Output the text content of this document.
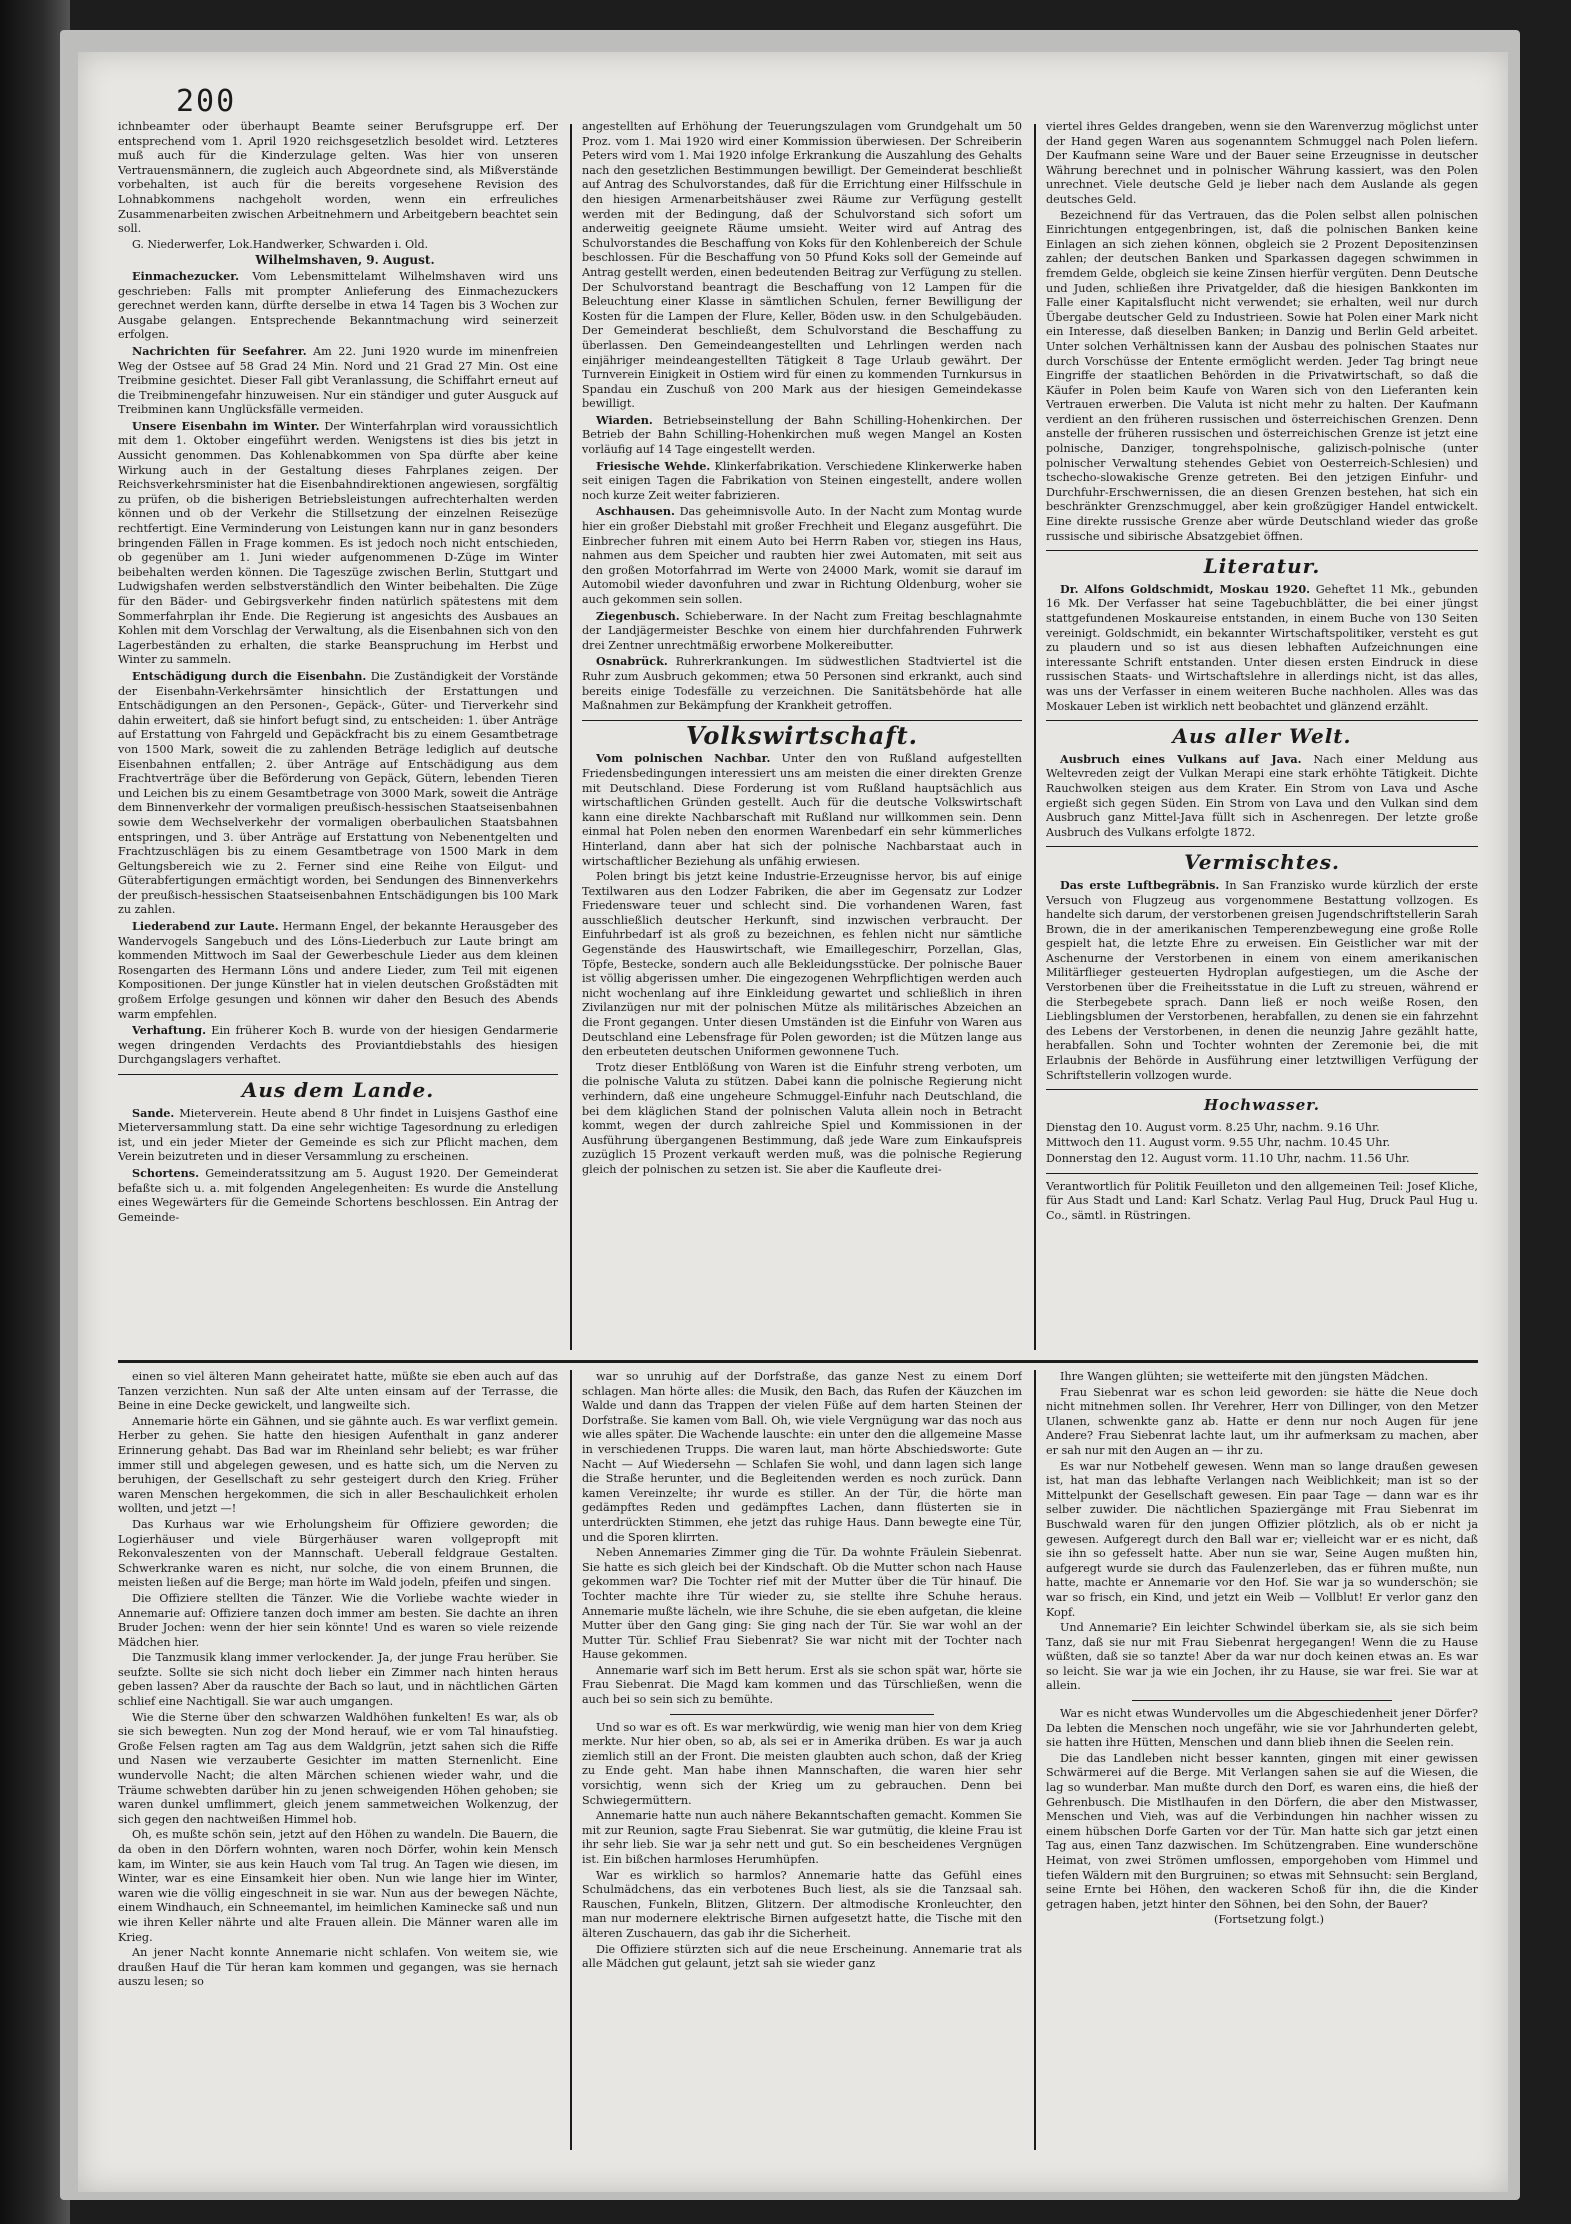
200

ichnbeamter oder überhaupt Beamte seiner Berufsgruppe erf. Der entsprechend vom 1. April 1920 reichsgesetzlich besoldet wird. Letzteres muß auch für die Kinderzulage gelten. Was hier von unseren Vertrauensmännern, die zugleich auch Abgeordnete sind, als Mißverstände vorbehalten, ist auch für die bereits vorgesehene Revision des Lohnabkommens nachgeholt worden, wenn ein erfreuliches Zusammenarbeiten zwischen Arbeitnehmern und Arbeitgebern beachtet sein soll.

G. Niederwerfer, Lok.Handwerker, Schwarden i. Old.

Wilhelmshaven, 9. August.

Einmachezucker. Vom Lebensmittelamt Wilhelmshaven wird uns geschrieben: Falls mit prompter Anlieferung des Einmachezuckers gerechnet werden kann, dürfte derselbe in etwa 14 Tagen bis 3 Wochen zur Ausgabe gelangen. Entsprechende Bekanntmachung wird seinerzeit erfolgen.

Nachrichten für Seefahrer. Am 22. Juni 1920 wurde im minenfreien Weg der Ostsee auf 58 Grad 24 Min. Nord und 21 Grad 27 Min. Ost eine Treibmine gesichtet. Dieser Fall gibt Veranlassung, die Schiffahrt erneut auf die Treibminengefahr hinzuweisen. Nur ein ständiger und guter Ausguck auf Treibminen kann Unglücksfälle vermeiden.

Unsere Eisenbahn im Winter. Der Winterfahrplan wird voraussichtlich mit dem 1. Oktober eingeführt werden. Wenigstens ist dies bis jetzt in Aussicht genommen. Das Kohlenabkommen von Spa dürfte aber keine Wirkung auch in der Gestaltung dieses Fahrplanes zeigen. Der Reichsverkehrsminister hat die Eisenbahndirektionen angewiesen, sorgfältig zu prüfen, ob die bisherigen Betriebsleistungen aufrechterhalten werden können und ob der Verkehr die Stillsetzung der einzelnen Reisezüge rechtfertigt. Eine Verminderung von Leistungen kann nur in ganz besonders bringenden Fällen in Frage kommen. Es ist jedoch noch nicht entschieden, ob gegenüber am 1. Juni wieder aufgenommenen D-Züge im Winter beibehalten werden können. Die Tageszüge zwischen Berlin, Stuttgart und Ludwigshafen werden selbstverständlich den Winter beibehalten. Die Züge für den Bäder- und Gebirgsverkehr finden natürlich spätestens mit dem Sommerfahrplan ihr Ende. Die Regierung ist angesichts des Ausbaues an Kohlen mit dem Vorschlag der Verwaltung, als die Eisenbahnen sich von den Lagerbeständen zu erhalten, die starke Beanspruchung im Herbst und Winter zu sammeln.

Entschädigung durch die Eisenbahn. Die Zuständigkeit der Vorstände der Eisenbahn-Verkehrsämter hinsichtlich der Erstattungen und Entschädigungen an den Personen-, Gepäck-, Güter- und Tierverkehr sind dahin erweitert, daß sie hinfort befugt sind, zu entscheiden: 1. über Anträge auf Erstattung von Fahrgeld und Gepäckfracht bis zu einem Gesamtbetrage von 1500 Mark, soweit die zu zahlenden Beträge lediglich auf deutsche Eisenbahnen entfallen; 2. über Anträge auf Entschädigung aus dem Frachtverträge über die Beförderung von Gepäck, Gütern, lebenden Tieren und Leichen bis zu einem Gesamtbetrage von 3000 Mark, soweit die Anträge dem Binnenverkehr der vormaligen preußisch-hessischen Staatseisenbahnen sowie dem Wechselverkehr der vormaligen oberbaulichen Staatsbahnen entspringen, und 3. über Anträge auf Erstattung von Nebenentgelten und Frachtzuschlägen bis zu einem Gesamtbetrage von 1500 Mark in dem Geltungsbereich wie zu 2. Ferner sind eine Reihe von Eilgut- und Güterabfertigungen ermächtigt worden, bei Sendungen des Binnenverkehrs der preußisch-hessischen Staatseisenbahnen Entschädigungen bis 100 Mark zu zahlen.

Liederabend zur Laute. Hermann Engel, der bekannte Herausgeber des Wandervogels Sangebuch und des Löns-Liederbuch zur Laute bringt am kommenden Mittwoch im Saal der Gewerbeschule Lieder aus dem kleinen Rosengarten des Hermann Löns und andere Lieder, zum Teil mit eigenen Kompositionen. Der junge Künstler hat in vielen deutschen Großstädten mit großem Erfolge gesungen und können wir daher den Besuch des Abends warm empfehlen.

Verhaftung. Ein früherer Koch B. wurde von der hiesigen Gendarmerie wegen dringenden Verdachts des Proviantdiebstahls des hiesigen Durchgangslagers verhaftet.

Aus dem Lande.

Sande. Mieterverein. Heute abend 8 Uhr findet in Luisjens Gasthof eine Mieterversammlung statt. Da eine sehr wichtige Tagesordnung zu erledigen ist, und ein jeder Mieter der Gemeinde es sich zur Pflicht machen, dem Verein beizutreten und in dieser Versammlung zu erscheinen.

Schortens. Gemeinderatssitzung am 5. August 1920. Der Gemeinderat befaßte sich u. a. mit folgenden Angelegenheiten: Es wurde die Anstellung eines Wegewärters für die Gemeinde Schortens beschlossen. Ein Antrag der Gemeinde-

angestellten auf Erhöhung der Teuerungszulagen vom Grundgehalt um 50 Proz. vom 1. Mai 1920 wird einer Kommission überwiesen. Der Schreiberin Peters wird vom 1. Mai 1920 infolge Erkrankung die Auszahlung des Gehalts nach den gesetzlichen Bestimmungen bewilligt. Der Gemeinderat beschließt auf Antrag des Schulvorstandes, daß für die Errichtung einer Hilfsschule in den hiesigen Armenarbeitshäuser zwei Räume zur Verfügung gestellt werden mit der Bedingung, daß der Schulvorstand sich sofort um anderweitig geeignete Räume umsieht. Weiter wird auf Antrag des Schulvorstandes die Beschaffung von Koks für den Kohlenbereich der Schule beschlossen. Für die Beschaffung von 50 Pfund Koks soll der Gemeinde auf Antrag gestellt werden, einen bedeutenden Beitrag zur Verfügung zu stellen. Der Schulvorstand beantragt die Beschaffung von 12 Lampen für die Beleuchtung einer Klasse in sämtlichen Schulen, ferner Bewilligung der Kosten für die Lampen der Flure, Keller, Böden usw. in den Schulgebäuden. Der Gemeinderat beschließt, dem Schulvorstand die Beschaffung zu überlassen. Den Gemeindeangestellten und Lehrlingen werden nach einjähriger meindeangestellten Tätigkeit 8 Tage Urlaub gewährt. Der Turnverein Einigkeit in Ostiem wird für einen zu kommenden Turnkursus in Spandau ein Zuschuß von 200 Mark aus der hiesigen Gemeindekasse bewilligt.

Wiarden. Betriebseinstellung der Bahn Schilling-Hohenkirchen. Der Betrieb der Bahn Schilling-Hohenkirchen muß wegen Mangel an Kosten vorläufig auf 14 Tage eingestellt werden.

Friesische Wehde. Klinkerfabrikation. Verschiedene Klinkerwerke haben seit einigen Tagen die Fabrikation von Steinen eingestellt, andere wollen noch kurze Zeit weiter fabrizieren.

Aschhausen. Das geheimnisvolle Auto. In der Nacht zum Montag wurde hier ein großer Diebstahl mit großer Frechheit und Eleganz ausgeführt. Die Einbrecher fuhren mit einem Auto bei Herrn Raben vor, stiegen ins Haus, nahmen aus dem Speicher und raubten hier zwei Automaten, mit seit aus den großen Motorfahrrad im Werte von 24000 Mark, womit sie darauf im Automobil wieder davonfuhren und zwar in Richtung Oldenburg, woher sie auch gekommen sein sollen.

Ziegenbusch. Schieberware. In der Nacht zum Freitag beschlagnahmte der Landjägermeister Beschke von einem hier durchfahrenden Fuhrwerk drei Zentner unrechtmäßig erworbene Molkereibutter.

Osnabrück. Ruhrerkrankungen. Im südwestlichen Stadtviertel ist die Ruhr zum Ausbruch gekommen; etwa 50 Personen sind erkrankt, auch sind bereits einige Todesfälle zu verzeichnen. Die Sanitätsbehörde hat alle Maßnahmen zur Bekämpfung der Krankheit getroffen.

Volkswirtschaft.

Vom polnischen Nachbar. Unter den von Rußland aufgestellten Friedensbedingungen interessiert uns am meisten die einer direkten Grenze mit Deutschland. Diese Forderung ist vom Rußland hauptsächlich aus wirtschaftlichen Gründen gestellt. Auch für die deutsche Volkswirtschaft kann eine direkte Nachbarschaft mit Rußland nur willkommen sein. Denn einmal hat Polen neben den enormen Warenbedarf ein sehr kümmerliches Hinterland, dann aber hat sich der polnische Nachbarstaat auch in wirtschaftlicher Beziehung als unfähig erwiesen.

Polen bringt bis jetzt keine Industrie-Erzeugnisse hervor, bis auf einige Textilwaren aus den Lodzer Fabriken, die aber im Gegensatz zur Lodzer Friedensware teuer und schlecht sind. Die vorhandenen Waren, fast ausschließlich deutscher Herkunft, sind inzwischen verbraucht. Der Einfuhrbedarf ist als groß zu bezeichnen, es fehlen nicht nur sämtliche Gegenstände des Hauswirtschaft, wie Emaillegeschirr, Porzellan, Glas, Töpfe, Bestecke, sondern auch alle Bekleidungsstücke. Der polnische Bauer ist völlig abgerissen umher. Die eingezogenen Wehrpflichtigen werden auch nicht wochenlang auf ihre Einkleidung gewartet und schließlich in ihren Zivilanzügen nur mit der polnischen Mütze als militärisches Abzeichen an die Front gegangen. Unter diesen Umständen ist die Einfuhr von Waren aus Deutschland eine Lebensfrage für Polen geworden; ist die Mützen lange aus den erbeuteten deutschen Uniformen gewonnene Tuch.

Trotz dieser Entblößung von Waren ist die Einfuhr streng verboten, um die polnische Valuta zu stützen. Dabei kann die polnische Regierung nicht verhindern, daß eine ungeheure Schmuggel-Einfuhr nach Deutschland, die bei dem kläglichen Stand der polnischen Valuta allein noch in Betracht kommt, wegen der durch zahlreiche Spiel und Kommissionen in der Ausführung übergangenen Bestimmung, daß jede Ware zum Einkaufspreis zuzüglich 15 Prozent verkauft werden muß, was die polnische Regierung gleich der polnischen zu setzen ist. Sie aber die Kaufleute drei-

viertel ihres Geldes drangeben, wenn sie den Warenverzug möglichst unter der Hand gegen Waren aus sogenanntem Schmuggel nach Polen liefern. Der Kaufmann seine Ware und der Bauer seine Erzeugnisse in deutscher Währung berechnet und in polnischer Währung kassiert, was den Polen unrechnet. Viele deutsche Geld je lieber nach dem Auslande als gegen deutsches Geld.

Bezeichnend für das Vertrauen, das die Polen selbst allen polnischen Einrichtungen entgegenbringen, ist, daß die polnischen Banken keine Einlagen an sich ziehen können, obgleich sie 2 Prozent Depositenzinsen zahlen; der deutschen Banken und Sparkassen dagegen schwimmen in fremdem Gelde, obgleich sie keine Zinsen hierfür vergüten. Denn Deutsche und Juden, schließen ihre Privatgelder, daß die hiesigen Bankkonten im Falle einer Kapitalsflucht nicht verwendet; sie erhalten, weil nur durch Übergabe deutscher Geld zu Industrieen. Sowie hat Polen einer Mark nicht ein Interesse, daß dieselben Banken; in Danzig und Berlin Geld arbeitet. Unter solchen Verhältnissen kann der Ausbau des polnischen Staates nur durch Vorschüsse der Entente ermöglicht werden. Jeder Tag bringt neue Eingriffe der staatlichen Behörden in die Privatwirtschaft, so daß die Käufer in Polen beim Kaufe von Waren sich von den Lieferanten kein Vertrauen erwerben. Die Valuta ist nicht mehr zu halten. Der Kaufmann verdient an den früheren russischen und österreichischen Grenzen. Denn anstelle der früheren russischen und österreichischen Grenze ist jetzt eine polnische, Danziger, tongrehspolnische, galizisch-polnische (unter polnischer Verwaltung stehendes Gebiet von Oesterreich-Schlesien) und tschecho-slowakische Grenze getreten. Bei den jetzigen Einfuhr- und Durchfuhr-Erschwernissen, die an diesen Grenzen bestehen, hat sich ein beschränkter Grenzschmuggel, aber kein großzügiger Handel entwickelt. Eine direkte russische Grenze aber würde Deutschland wieder das große russische und sibirische Absatzgebiet öffnen.

Literatur.

Dr. Alfons Goldschmidt, Moskau 1920. Geheftet 11 Mk., gebunden 16 Mk. Der Verfasser hat seine Tagebuchblätter, die bei einer jüngst stattgefundenen Moskaureise entstanden, in einem Buche von 130 Seiten vereinigt. Goldschmidt, ein bekannter Wirtschaftspolitiker, versteht es gut zu plaudern und so ist aus diesen lebhaften Aufzeichnungen eine interessante Schrift entstanden. Unter diesen ersten Eindruck in diese russischen Staats- und Wirtschaftslehre in allerdings nicht, ist das alles, was uns der Verfasser in einem weiteren Buche nachholen. Alles was das Moskauer Leben ist wirklich nett beobachtet und glänzend erzählt.

Aus aller Welt.

Ausbruch eines Vulkans auf Java. Nach einer Meldung aus Weltevreden zeigt der Vulkan Merapi eine stark erhöhte Tätigkeit. Dichte Rauchwolken steigen aus dem Krater. Ein Strom von Lava und Asche ergießt sich gegen Süden. Ein Strom von Lava und den Vulkan sind dem Ausbruch ganz Mittel-Java füllt sich in Aschenregen. Der letzte große Ausbruch des Vulkans erfolgte 1872.

Vermischtes.

Das erste Luftbegräbnis. In San Franzisko wurde kürzlich der erste Versuch von Flugzeug aus vorgenommene Bestattung vollzogen. Es handelte sich darum, der verstorbenen greisen Jugendschriftstellerin Sarah Brown, die in der amerikanischen Temperenzbewegung eine große Rolle gespielt hat, die letzte Ehre zu erweisen. Ein Geistlicher war mit der Aschenurne der Verstorbenen in einem von einem amerikanischen Militärflieger gesteuerten Hydroplan aufgestiegen, um die Asche der Verstorbenen über die Freiheitsstatue in die Luft zu streuen, während er die Sterbegebete sprach. Dann ließ er noch weiße Rosen, den Lieblingsblumen der Verstorbenen, herabfallen, zu denen sie ein fahrzehnt des Lebens der Verstorbenen, in denen die neunzig Jahre gezählt hatte, herabfallen. Sohn und Tochter wohnten der Zeremonie bei, die mit Erlaubnis der Behörde in Ausführung einer letztwilligen Verfügung der Schriftstellerin vollzogen wurde.

Hochwasser.

Dienstag den 10. August vorm. 8.25 Uhr, nachm. 9.16 Uhr.

Mittwoch den 11. August vorm. 9.55 Uhr, nachm. 10.45 Uhr.

Donnerstag den 12. August vorm. 11.10 Uhr, nachm. 11.56 Uhr.

Verantwortlich für Politik Feuilleton und den allgemeinen Teil: Josef Kliche, für Aus Stadt und Land: Karl Schatz. Verlag Paul Hug, Druck Paul Hug u. Co., sämtl. in Rüstringen.

einen so viel älteren Mann geheiratet hatte, müßte sie eben auch auf das Tanzen verzichten. Nun saß der Alte unten einsam auf der Terrasse, die Beine in eine Decke gewickelt, und langweilte sich.

Annemarie hörte ein Gähnen, und sie gähnte auch. Es war verflixt gemein. Herber zu gehen. Sie hatte den hiesigen Aufenthalt in ganz anderer Erinnerung gehabt. Das Bad war im Rheinland sehr beliebt; es war früher immer still und abgelegen gewesen, und es hatte sich, um die Nerven zu beruhigen, der Gesellschaft zu sehr gesteigert durch den Krieg. Früher waren Menschen hergekommen, die sich in aller Beschaulichkeit erholen wollten, und jetzt —!

Das Kurhaus war wie Erholungsheim für Offiziere geworden; die Logierhäuser und viele Bürgerhäuser waren vollgepropft mit Rekonvaleszenten von der Mannschaft. Ueberall feldgraue Gestalten. Schwerkranke waren es nicht, nur solche, die von einem Brunnen, die meisten ließen auf die Berge; man hörte im Wald jodeln, pfeifen und singen.

Die Offiziere stellten die Tänzer. Wie die Vorliebe wachte wieder in Annemarie auf: Offiziere tanzen doch immer am besten. Sie dachte an ihren Bruder Jochen: wenn der hier sein könnte! Und es waren so viele reizende Mädchen hier.

Die Tanzmusik klang immer verlockender. Ja, der junge Frau herüber. Sie seufzte. Sollte sie sich nicht doch lieber ein Zimmer nach hinten heraus geben lassen? Aber da rauschte der Bach so laut, und in nächtlichen Gärten schlief eine Nachtigall. Sie war auch umgangen.

Wie die Sterne über den schwarzen Waldhöhen funkelten! Es war, als ob sie sich bewegten. Nun zog der Mond herauf, wie er vom Tal hinaufstieg. Große Felsen ragten am Tag aus dem Waldgrün, jetzt sahen sich die Riffe und Nasen wie verzauberte Gesichter im matten Sternenlicht. Eine wundervolle Nacht; die alten Märchen schienen wieder wahr, und die Träume schwebten darüber hin zu jenen schweigenden Höhen gehoben; sie waren dunkel umflimmert, gleich jenem sammetweichen Wolkenzug, der sich gegen den nachtweißen Himmel hob.

Oh, es mußte schön sein, jetzt auf den Höhen zu wandeln. Die Bauern, die da oben in den Dörfern wohnten, waren noch Dörfer, wohin kein Mensch kam, im Winter, sie aus kein Hauch vom Tal trug. An Tagen wie diesen, im Winter, war es eine Einsamkeit hier oben. Nun wie lange hier im Winter, waren wie die völlig eingeschneit in sie war. Nun aus der bewegen Nächte, einem Windhauch, ein Schneemantel, im heimlichen Kaminecke saß und nun wie ihren Keller nährte und alte Frauen allein. Die Männer waren alle im Krieg.

An jener Nacht konnte Annemarie nicht schlafen. Von weitem sie, wie draußen Hauf die Tür heran kam kommen und gegangen, was sie hernach auszu lesen; so

war so unruhig auf der Dorfstraße, das ganze Nest zu einem Dorf schlagen. Man hörte alles: die Musik, den Bach, das Rufen der Käuzchen im Walde und dann das Trappen der vielen Füße auf dem harten Steinen der Dorfstraße. Sie kamen vom Ball. Oh, wie viele Vergnügung war das noch aus wie alles später. Die Wachende lauschte: ein unter den die allgemeine Masse in verschiedenen Trupps. Die waren laut, man hörte Abschiedsworte: Gute Nacht — Auf Wiedersehn — Schlafen Sie wohl, und dann lagen sich lange die Straße herunter, und die Begleitenden werden es noch zurück. Dann kamen Vereinzelte; ihr wurde es stiller. An der Tür, die hörte man gedämpftes Reden und gedämpftes Lachen, dann flüsterten sie in unterdrückten Stimmen, ehe jetzt das ruhige Haus. Dann bewegte eine Tür, und die Sporen klirrten.

Neben Annemaries Zimmer ging die Tür. Da wohnte Fräulein Siebenrat. Sie hatte es sich gleich bei der Kindschaft. Ob die Mutter schon nach Hause gekommen war? Die Tochter rief mit der Mutter über die Tür hinauf. Die Tochter machte ihre Tür wieder zu, sie stellte ihre Schuhe heraus. Annemarie mußte lächeln, wie ihre Schuhe, die sie eben aufgetan, die kleine Mutter über den Gang ging: Sie ging nach der Tür. Sie war wohl an der Mutter Tür. Schlief Frau Siebenrat? Sie war nicht mit der Tochter nach Hause gekommen.

Annemarie warf sich im Bett herum. Erst als sie schon spät war, hörte sie Frau Siebenrat. Die Magd kam kommen und das Türschließen, wenn die auch bei so sein sich zu bemühte.

Und so war es oft. Es war merkwürdig, wie wenig man hier von dem Krieg merkte. Nur hier oben, so ab, als sei er in Amerika drüben. Es war ja auch ziemlich still an der Front. Die meisten glaubten auch schon, daß der Krieg zu Ende geht. Man habe ihnen Mannschaften, die waren hier sehr vorsichtig, wenn sich der Krieg um zu gebrauchen. Denn bei Schwiegermüttern.

Annemarie hatte nun auch nähere Bekanntschaften gemacht. Kommen Sie mit zur Reunion, sagte Frau Siebenrat. Sie war gutmütig, die kleine Frau ist ihr sehr lieb. Sie war ja sehr nett und gut. So ein bescheidenes Vergnügen ist. Ein bißchen harmloses Herumhüpfen.

War es wirklich so harmlos? Annemarie hatte das Gefühl eines Schulmädchens, das ein verbotenes Buch liest, als sie die Tanzsaal sah. Rauschen, Funkeln, Blitzen, Glitzern. Der altmodische Kronleuchter, den man nur modernere elektrische Birnen aufgesetzt hatte, die Tische mit den älteren Zuschauern, das gab ihr die Sicherheit.

Die Offiziere stürzten sich auf die neue Erscheinung. Annemarie trat als alle Mädchen gut gelaunt, jetzt sah sie wieder ganz

Ihre Wangen glühten; sie wetteiferte mit den jüngsten Mädchen.

Frau Siebenrat war es schon leid geworden: sie hätte die Neue doch nicht mitnehmen sollen. Ihr Verehrer, Herr von Dillinger, von den Metzer Ulanen, schwenkte ganz ab. Hatte er denn nur noch Augen für jene Andere? Frau Siebenrat lachte laut, um ihr aufmerksam zu machen, aber er sah nur mit den Augen an — ihr zu.

Es war nur Notbehelf gewesen. Wenn man so lange draußen gewesen ist, hat man das lebhafte Verlangen nach Weiblichkeit; man ist so der Mittelpunkt der Gesellschaft gewesen. Ein paar Tage — dann war es ihr selber zuwider. Die nächtlichen Spaziergänge mit Frau Siebenrat im Buschwald waren für den jungen Offizier plötzlich, als ob er nicht ja gewesen. Aufgeregt durch den Ball war er; vielleicht war er es nicht, daß sie ihn so gefesselt hatte. Aber nun sie war, Seine Augen mußten hin, aufgeregt wurde sie durch das Faulenzerleben, das er führen mußte, nun hatte, machte er Annemarie vor den Hof. Sie war ja so wunderschön; sie war so frisch, ein Kind, und jetzt ein Weib — Vollblut! Er verlor ganz den Kopf.

Und Annemarie? Ein leichter Schwindel überkam sie, als sie sich beim Tanz, daß sie nur mit Frau Siebenrat hergegangen! Wenn die zu Hause wüßten, daß sie so tanzte! Aber da war nur doch keinen etwas an. Es war so leicht. Sie war ja wie ein Jochen, ihr zu Hause, sie war frei. Sie war at allein.

War es nicht etwas Wundervolles um die Abgeschiedenheit jener Dörfer? Da lebten die Menschen noch ungefähr, wie sie vor Jahrhunderten gelebt, sie hatten ihre Hütten, Menschen und dann blieb ihnen die Seelen rein.

Die das Landleben nicht besser kannten, gingen mit einer gewissen Schwärmerei auf die Berge. Mit Verlangen sahen sie auf die Wiesen, die lag so wunderbar. Man mußte durch den Dorf, es waren eins, die hieß der Gehrenbusch. Die Mistlhaufen in den Dörfern, die aber den Mistwasser, Menschen und Vieh, was auf die Verbindungen hin nachher wissen zu einem hübschen Dorfe Garten vor der Tür. Man hatte sich gar jetzt einen Tag aus, einen Tanz dazwischen. Im Schützengraben. Eine wunderschöne Heimat, von zwei Strömen umflossen, emporgehoben vom Himmel und tiefen Wäldern mit den Burgruinen; so etwas mit Sehnsucht: sein Bergland, seine Ernte bei Höhen, den wackeren Schoß für ihn, die die Kinder getragen haben, jetzt hinter den Söhnen, bei den Sohn, der Bauer?

(Fortsetzung folgt.)
